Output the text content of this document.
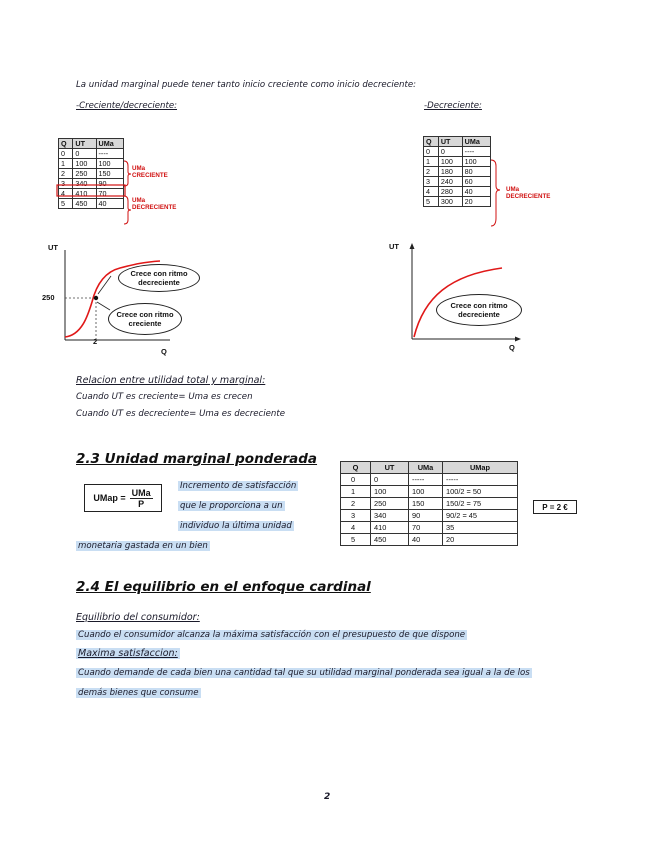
La unidad marginal puede tener tanto inicio creciente como inicio decreciente:
-Creciente/decreciente:	-Decreciente:
Q	UT	UMa
0	0	----
1	100	100
2	250	150
3	340	90
4	410	70
5	450	40
UMa
CRECIENTE
UMa
DECRECIENTE
Q	UT	UMa
0	0	----
1	100	100
2	180	80
3	240	60
4	280	40
5	300	20
UMa
DECRECIENTE
UT
250
2
Q
Crece con ritmo decreciente
Crece con ritmo creciente
UT
Q
Crece con ritmo decreciente
Relacion entre utilidad total y marginal:
Cuando UT es creciente= Uma es crecen
Cuando UT es decreciente= Uma es decreciente
2.3 Unidad marginal ponderada
UMap = $\frac{\text{UMa}}{P}$
Incremento de satisfacción
que le proporciona a un
individuo la última unidad
monetaria gastada en un bien
Q	UT	UMa	UMap
0	0	-----	-----
1	100	100	100/2 = 50
2	250	150	150/2 = 75
3	340	90	90/2 = 45
4	410	70	35
5	450	40	20
P = 2 €
2.4 El equilibrio en el enfoque cardinal
Equilibrio del consumidor:
Cuando el consumidor alcanza la máxima satisfacción con el presupuesto de que dispone
Maxima satisfaccion:
Cuando demande de cada bien una cantidad tal que su utilidad marginal ponderada sea igual a la de los
demás bienes que consume
2
